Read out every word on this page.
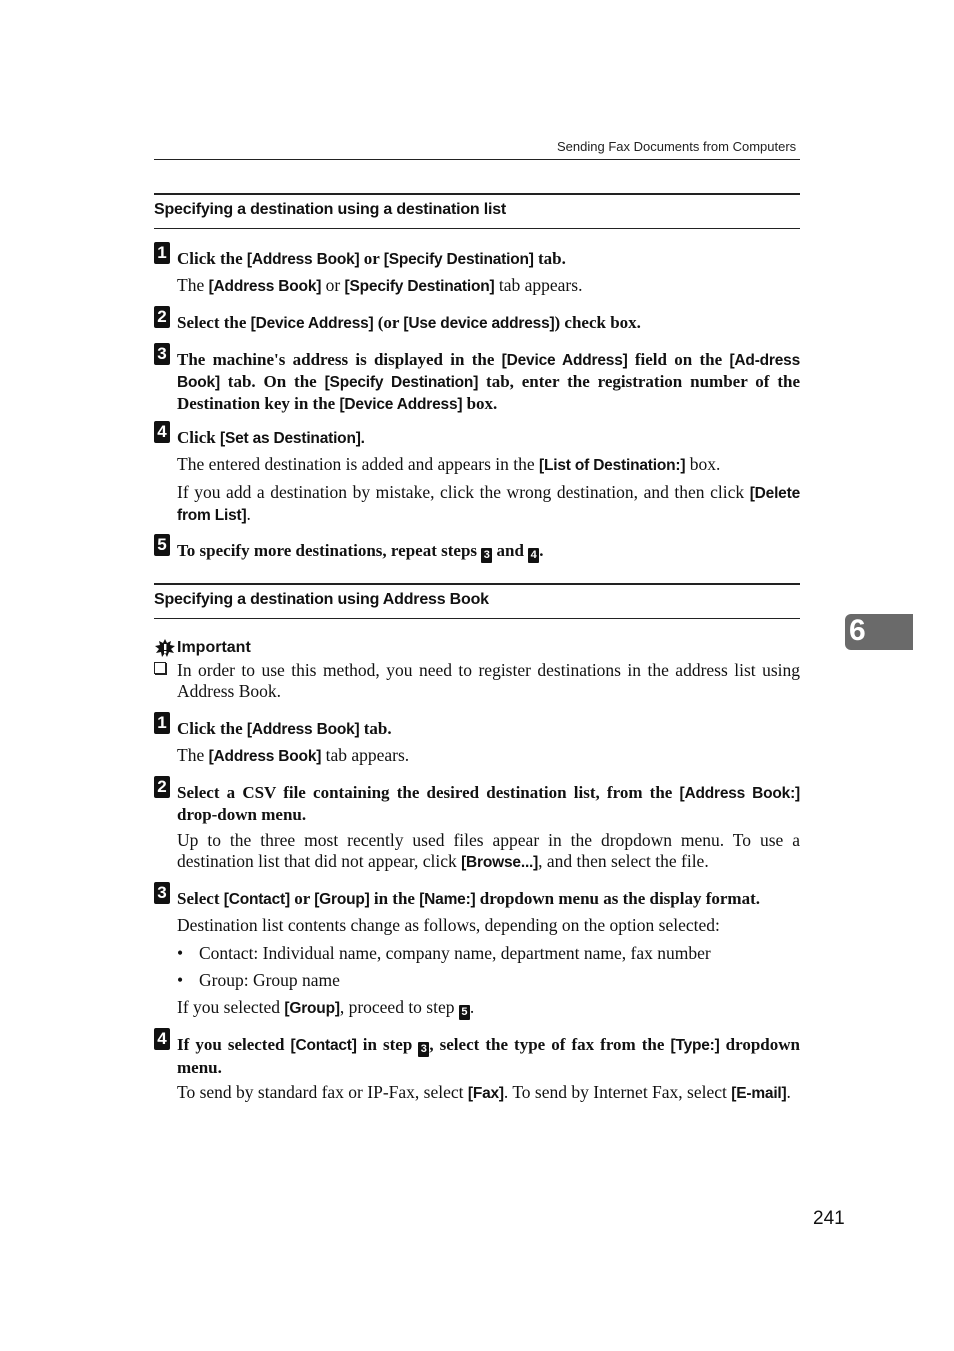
Sending Fax Documents from Computers
6
Specifying a destination using a destination list
1 Click the [Address Book] or [Specify Destination] tab.
The [Address Book] or [Specify Destination] tab appears.
2 Select the [Device Address] (or [Use device address]) check box.
3 The machine's address is displayed in the [Device Address] field on the [Ad-dress Book] tab. On the [Specify Destination] tab, enter the registration number of the Destination key in the [Device Address] box.
4 Click [Set as Destination].
The entered destination is added and appears in the [List of Destination:] box.
If you add a destination by mistake, click the wrong destination, and then click [Delete from List].
5 To specify more destinations, repeat steps 3 and 4 .
Specifying a destination using Address Book
Important
In order to use this method, you need to register destinations in the address list using Address Book.
1 Click the [Address Book] tab.
The [Address Book] tab appears.
2 Select a CSV file containing the desired destination list, from the [Address Book:] drop-down menu.
Up to the three most recently used files appear in the dropdown menu. To use a destination list that did not appear, click [Browse...], and then select the file.
3 Select [Contact] or [Group] in the [Name:] dropdown menu as the display format.
Destination list contents change as follows, depending on the option selected:
• Contact: Individual name, company name, department name, fax number
• Group: Group name
If you selected [Group], proceed to step 5 .
4 If you selected [Contact] in step 3 , select the type of fax from the [Type:] dropdown menu.
To send by standard fax or IP-Fax, select [Fax]. To send by Internet Fax, select [E-mail].
241
